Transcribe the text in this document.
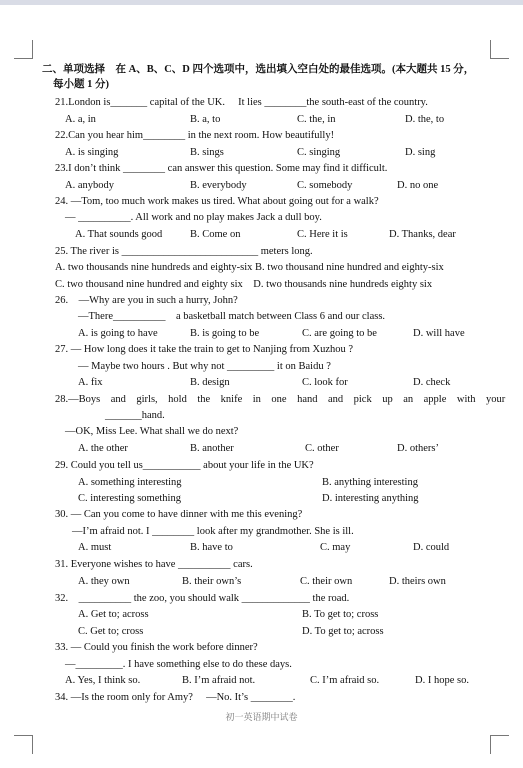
二、单项选择　在 A、B、C、D 四个选项中，选出填入空白处的最佳选项。(本大题共 15 分，
每小题 1 分)
21.London is_______ capital of the UK.　 It lies ________the south-east of the country.
A. a, in	B. a, to	C. the, in	D. the, to
22.Can you hear him________ in the next room. How beautifully!
A. is singing	B. sings	C. singing	D. sing
23.I don’t think ________ can answer this question. Some may find it difficult.
A. anybody	B. everybody	C. somebody	D. no one
24. —Tom, too much work makes us tired. What about going out for a walk?
— __________. All work and no play makes Jack a dull boy.
A. That sounds good	B. Come on	C. Here it is	D. Thanks, dear
25. The river is __________________________ meters long.
A. two thousands nine hundreds and eighty-six B. two thousand nine hundred and eighty-six
C. two thousand nine hundred and eighty six　D. two thousands nine hundreds eighty six
26.　—Why are you in such a hurry, John?
—There__________　a basketball match between Class 6 and our class.
A. is going to have	B. is going to be	C. are going to be	D. will have
27. — How long does it take the train to get to Nanjing from Xuzhou ?
— Maybe two hours . But why not _________ it on Baidu ?
A. fix	B. design	C. look for	D. check
28.—Boys　and　girls,　hold　the　knife　in　one　hand　and　pick　up　an　apple　with　your
_______hand.
—OK, Miss Lee. What shall we do next?
A. the other	B. another	C. other	D. others’
29. Could you tell us___________ about your life in the UK?
A. something interesting	B. anything interesting
C. interesting something	D. interesting anything
30. — Can you come to have dinner with me this evening?
—I’m afraid not. I ________ look after my grandmother. She is ill.
A. must	B. have to	C. may	D. could
31. Everyone wishes to have __________ cars.
A. they own	B. their own’s	C. their own	D. theirs own
32.　__________ the zoo, you should walk _____________ the road.
A. Get to; across	B. To get to; cross
C. Get to; cross	D. To get to; across
33. — Could you finish the work before dinner?
—_________. I have something else to do these days.
A. Yes, I think so.	B. I’m afraid not.	C. I’m afraid so.	D. I hope so.
34. —Is the room only for Amy?　 —No. It’s ________.
初一英语期中试卷
